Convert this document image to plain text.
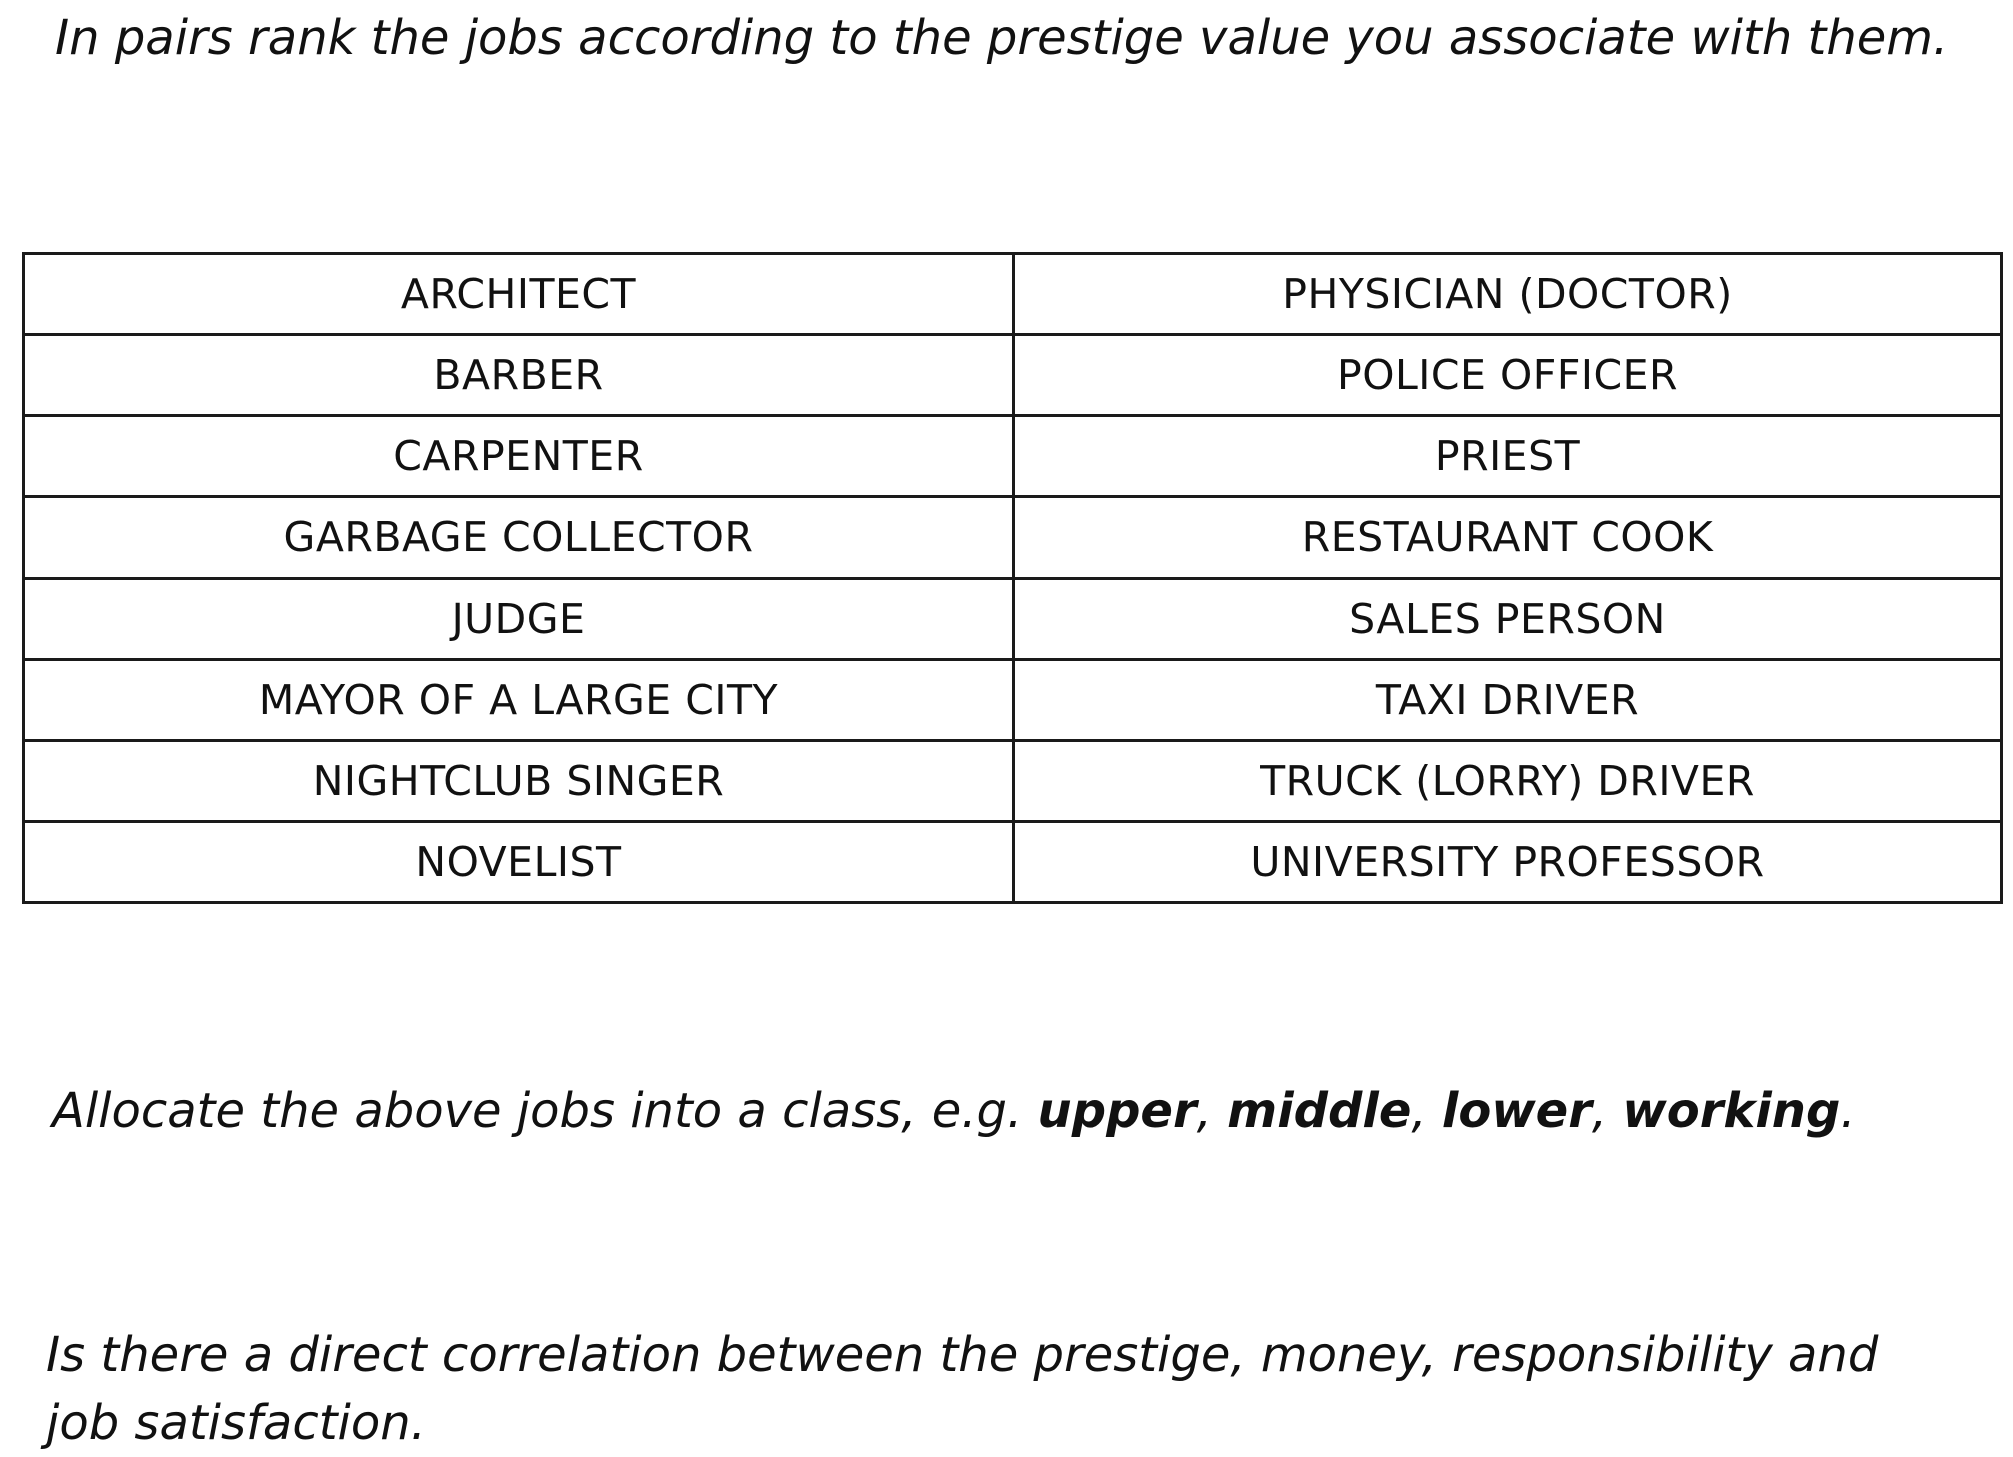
In pairs rank the jobs according to the prestige value you associate with them.

ARCHITECT	PHYSICIAN (DOCTOR)
BARBER	POLICE OFFICER
CARPENTER	PRIEST
GARBAGE COLLECTOR	RESTAURANT COOK
JUDGE	SALES PERSON
MAYOR OF A LARGE CITY	TAXI DRIVER
NIGHTCLUB SINGER	TRUCK (LORRY) DRIVER
NOVELIST	UNIVERSITY PROFESSOR

Allocate the above jobs into a class, e.g. upper, middle, lower, working.

Is there a direct correlation between the prestige, money, responsibility and job satisfaction.
